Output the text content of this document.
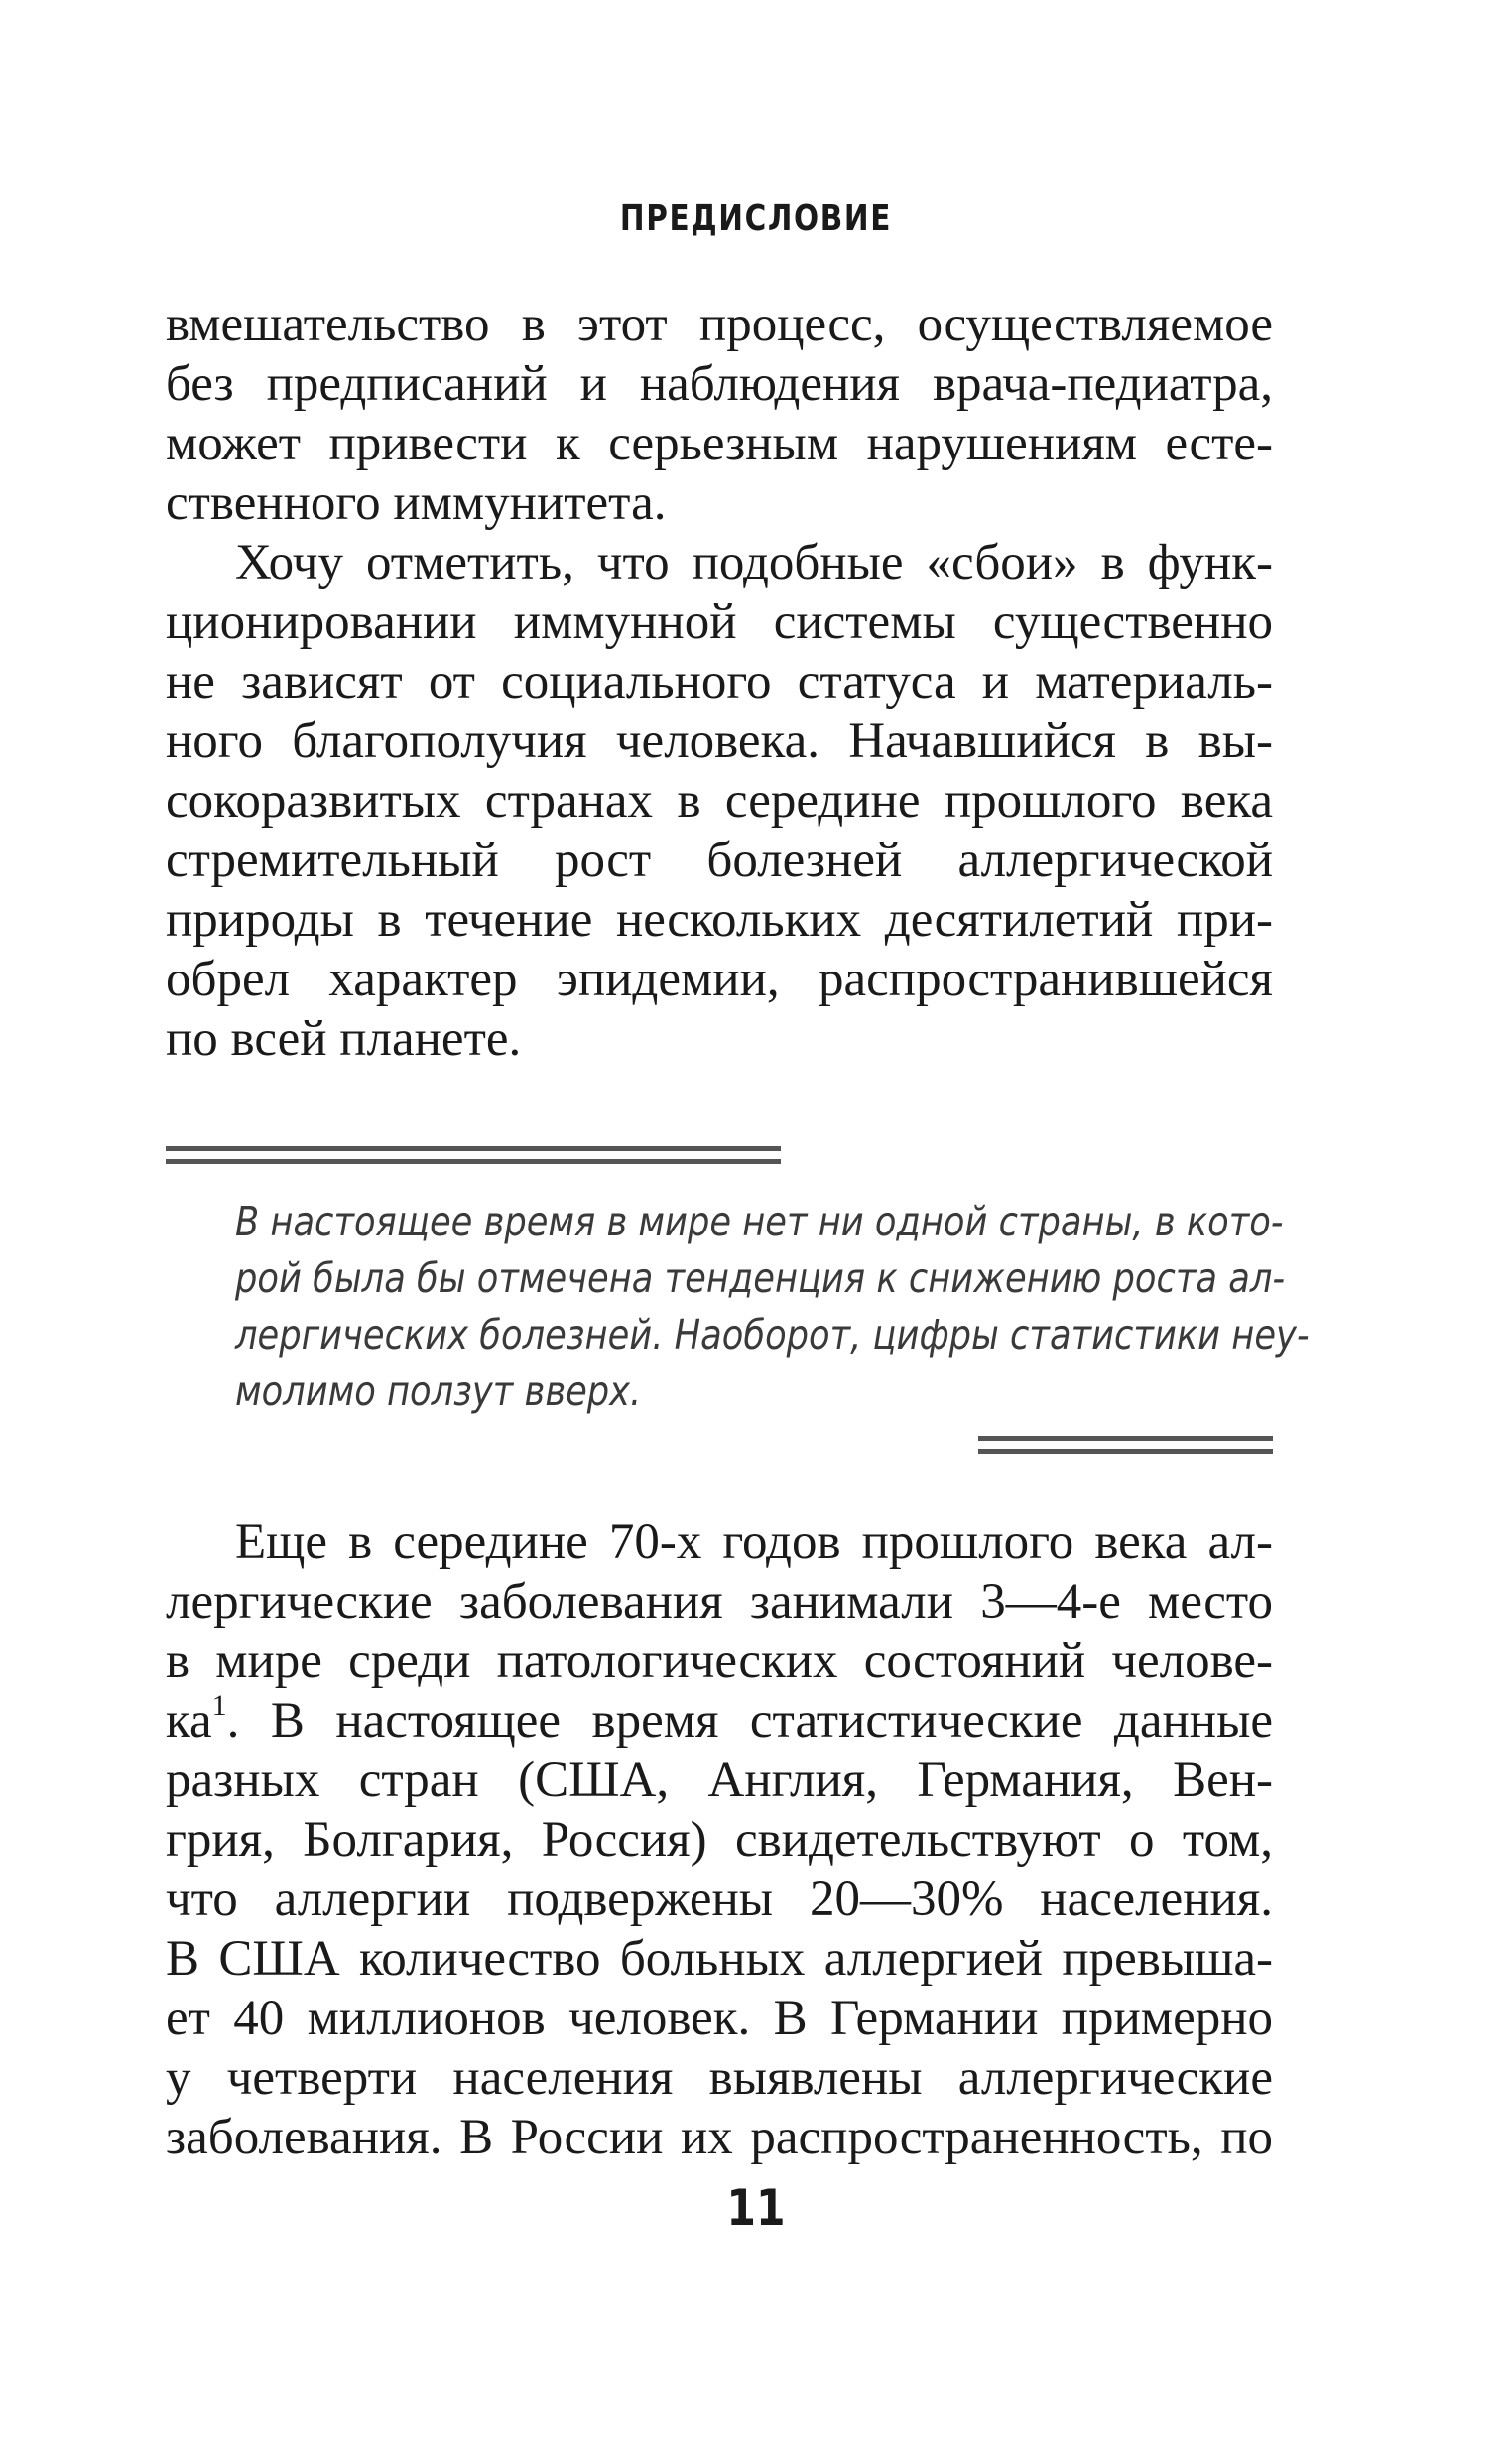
ПРЕДИСЛОВИЕ
вмешательство в этот процесс, осуществляемое
без предписаний и наблюдения врача-педиатра,
может привести к серьезным нарушениям есте-
ственного иммунитета.
Хочу отметить, что подобные «сбои» в функ-
ционировании иммунной системы существенно
не зависят от социального статуса и материаль-
ного благополучия человека. Начавшийся в вы-
сокоразвитых странах в середине прошлого века
стремительный рост болезней аллергической
природы в течение нескольких десятилетий при-
обрел характер эпидемии, распространившейся
по всей планете.
В настоящее время в мире нет ни одной страны, в кото-
рой была бы отмечена тенденция к снижению роста ал-
лергических болезней. Наоборот, цифры статистики неу-
молимо ползут вверх.
Еще в середине 70-х годов прошлого века ал-
лергические заболевания занимали 3—4-е место
в мире среди патологических состояний челове-
$ка^1$. В настоящее время статистические данные
разных стран (США, Англия, Германия, Вен-
грия, Болгария, Россия) свидетельствуют о том,
что аллергии подвержены 20—30% населения.
В США количество больных аллергией превыша-
ет 40 миллионов человек. В Германии примерно
у четверти населения выявлены аллергические
заболевания. В России их распространенность, по
11
